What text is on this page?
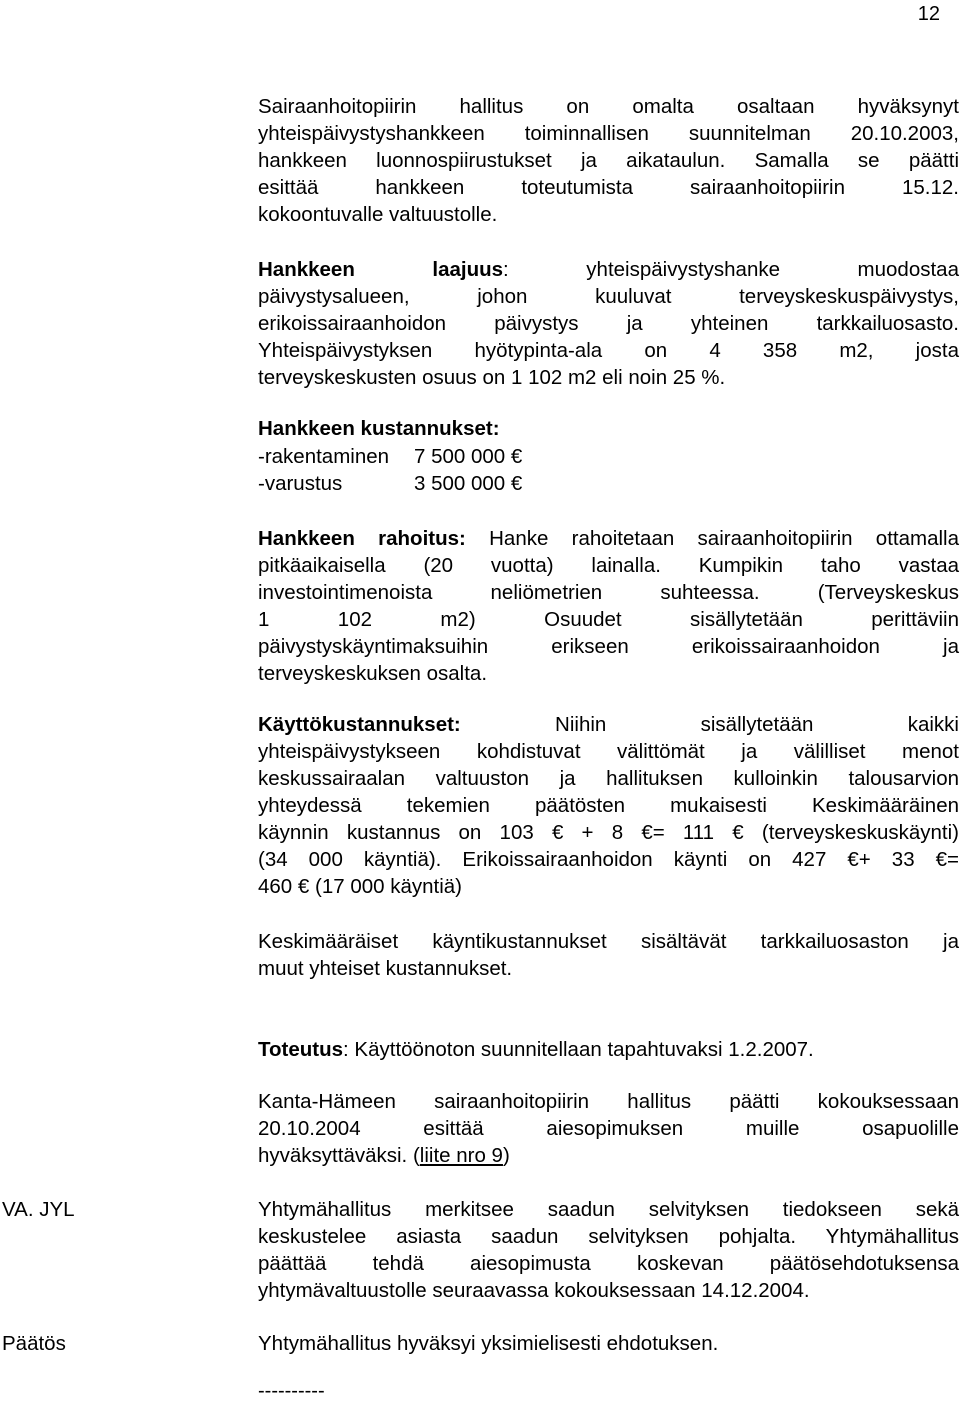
12
Sairaanhoitopiirin hallitus on omalta osaltaan hyväksynyt
yhteispäivystyshankkeen toiminnallisen suunnitelman 20.10.2003,
hankkeen luonnospiirustukset ja aikataulun. Samalla se päätti
esittää hankkeen toteutumista sairaanhoitopiirin 15.12.
kokoontuvalle valtuustolle.
Hankkeen laajuus: yhteispäivystyshanke muodostaa
päivystysalueen, johon kuuluvat terveyskeskuspäivystys,
erikoissairaanhoidon päivystys ja yhteinen tarkkailuosasto.
Yhteispäivystyksen hyötypinta-ala on 4 358 m2, josta
terveyskeskusten osuus on 1 102 m2 eli noin 25 %.
Hankkeen kustannukset:
-rakentaminen 7 500 000 €
-varustus	3 500 000 €
Hankkeen rahoitus: Hanke rahoitetaan sairaanhoitopiirin ottamalla
pitkäaikaisella (20 vuotta) lainalla. Kumpikin taho vastaa
investointimenoista neliömetrien suhteessa. (Terveyskeskus
1 102 m2) Osuudet sisällytetään perittäviin
päivystyskäyntimaksuihin erikseen erikoissairaanhoidon ja
terveyskeskuksen osalta.
Käyttökustannukset: Niihin sisällytetään kaikki
yhteispäivystykseen kohdistuvat välittömät ja välilliset menot
keskussairaalan valtuuston ja hallituksen kulloinkin talousarvion
yhteydessä tekemien päätösten mukaisesti Keskimääräinen
käynnin kustannus on 103 € + 8 €= 111 € (terveyskeskuskäynti)
(34 000 käyntiä). Erikoissairaanhoidon käynti on 427 €+ 33 €=
460 € (17 000 käyntiä)
Keskimääräiset käyntikustannukset sisältävät tarkkailuosaston ja
muut yhteiset kustannukset.
Toteutus: Käyttöönoton suunnitellaan tapahtuvaksi 1.2.2007.
Kanta-Hämeen sairaanhoitopiirin hallitus päätti kokouksessaan
20.10.2004 esittää aiesopimuksen muille osapuolille
hyväksyttäväksi. (liite nro 9)
VA. JYL	Yhtymähallitus merkitsee saadun selvityksen tiedokseen sekä
keskustelee asiasta saadun selvityksen pohjalta. Yhtymähallitus
päättää tehdä aiesopimusta koskevan päätösehdotuksensa
yhtymävaltuustolle seuraavassa kokouksessaan 14.12.2004.
Päätös	Yhtymähallitus hyväksyi yksimielisesti ehdotuksen.
----------
